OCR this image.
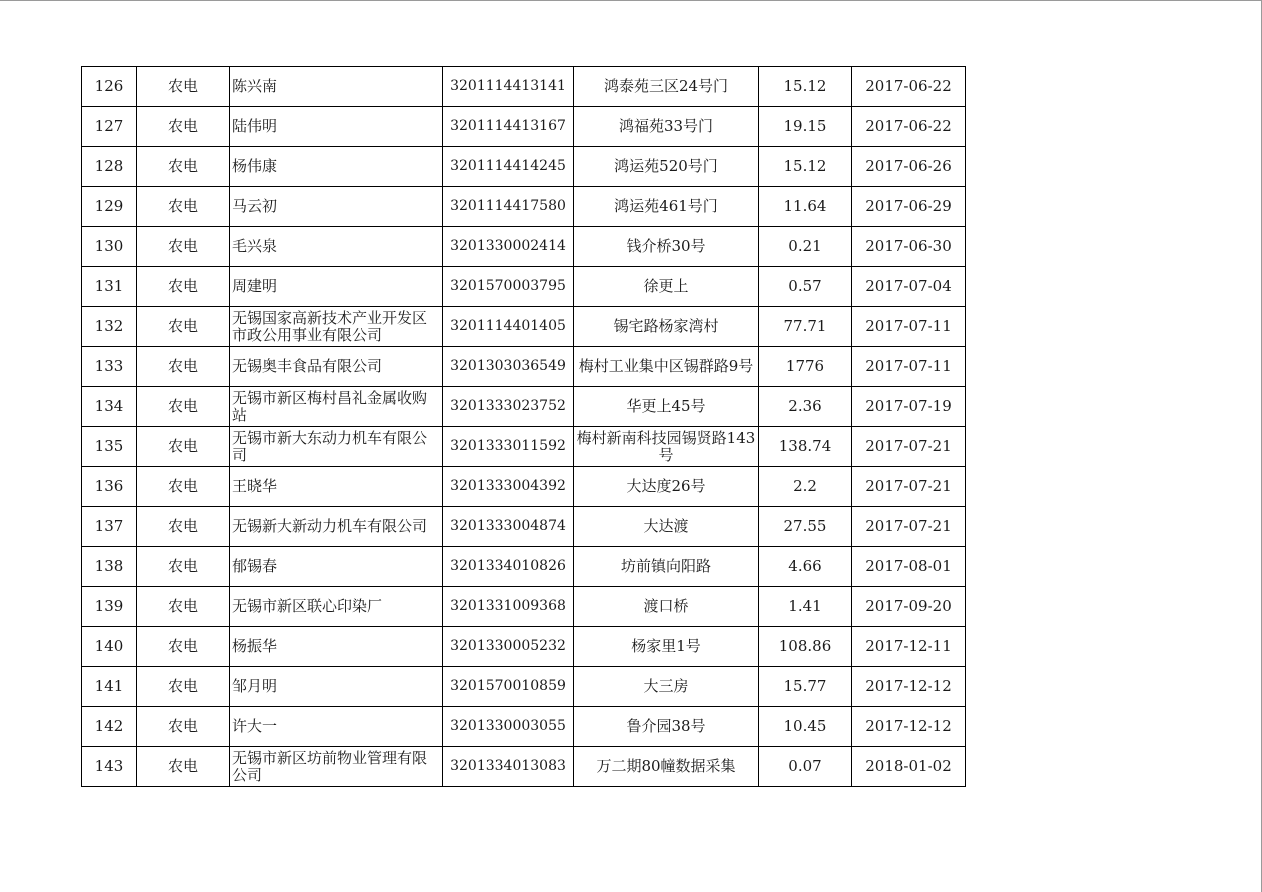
126	农电	陈兴南	3201114413141	鸿泰苑三区24号门	15.12	2017-06-22
127	农电	陆伟明	3201114413167	鸿福苑33号门	19.15	2017-06-22
128	农电	杨伟康	3201114414245	鸿运苑520号门	15.12	2017-06-26
129	农电	马云初	3201114417580	鸿运苑461号门	11.64	2017-06-29
130	农电	毛兴泉	3201330002414	钱介桥30号	0.21	2017-06-30
131	农电	周建明	3201570003795	徐更上	0.57	2017-07-04
132	农电	无锡国家高新技术产业开发区市政公用事业有限公司	3201114401405	锡宅路杨家湾村	77.71	2017-07-11
133	农电	无锡奥丰食品有限公司	3201303036549	梅村工业集中区锡群路9号	1776	2017-07-11
134	农电	无锡市新区梅村昌礼金属收购站	3201333023752	华更上45号	2.36	2017-07-19
135	农电	无锡市新大东动力机车有限公司	3201333011592	梅村新南科技园锡贤路143号	138.74	2017-07-21
136	农电	王晓华	3201333004392	大达度26号	2.2	2017-07-21
137	农电	无锡新大新动力机车有限公司	3201333004874	大达渡	27.55	2017-07-21
138	农电	郁锡春	3201334010826	坊前镇向阳路	4.66	2017-08-01
139	农电	无锡市新区联心印染厂	3201331009368	渡口桥	1.41	2017-09-20
140	农电	杨振华	3201330005232	杨家里1号	108.86	2017-12-11
141	农电	邹月明	3201570010859	大三房	15.77	2017-12-12
142	农电	许大一	3201330003055	鲁介园38号	10.45	2017-12-12
143	农电	无锡市新区坊前物业管理有限公司	3201334013083	万二期80幢数据采集	0.07	2018-01-02
